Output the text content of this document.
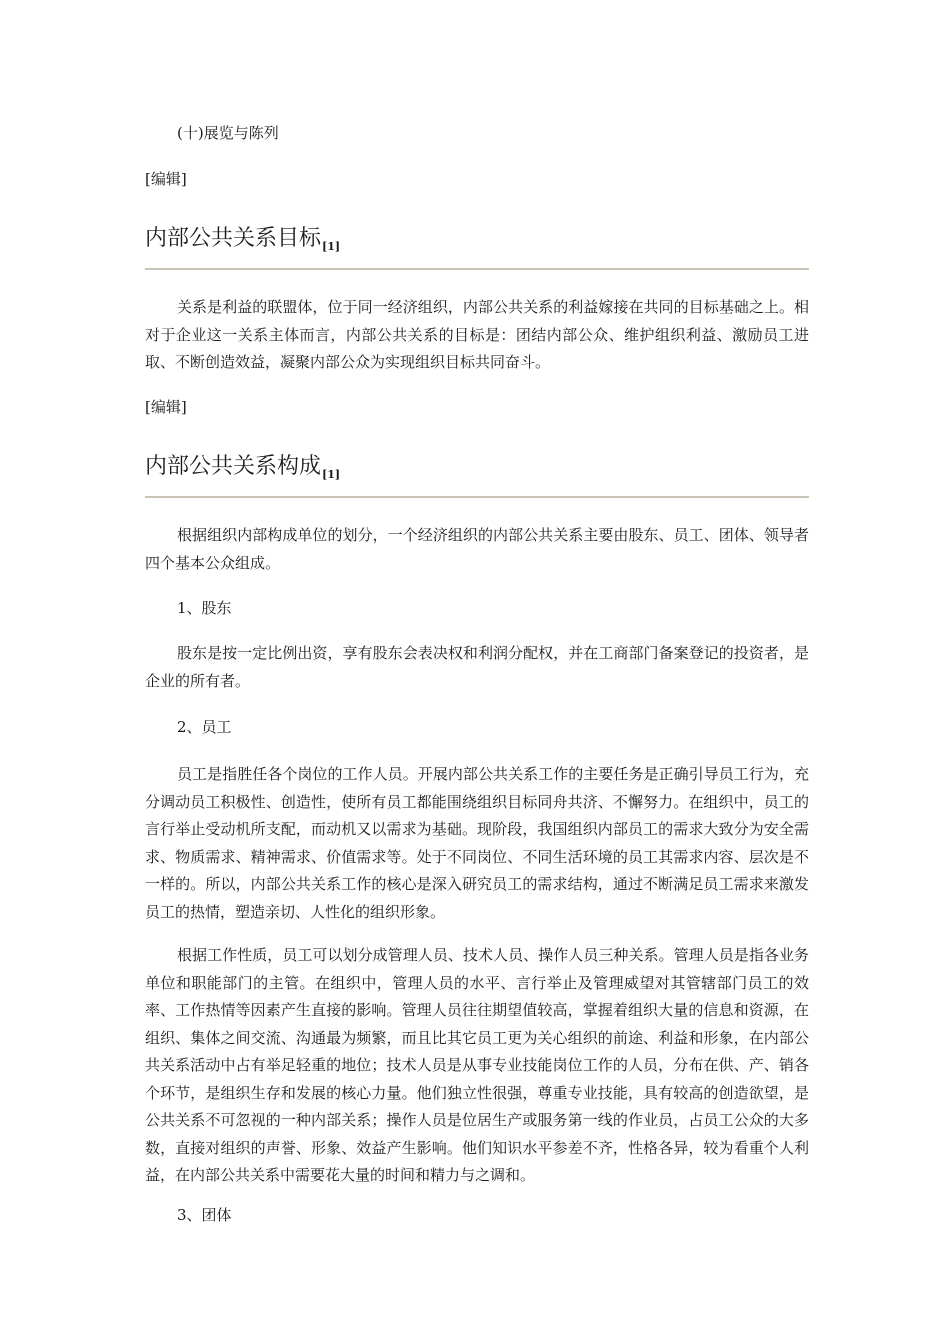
(十)展览与陈列

[编辑]
内部公共关系目标[1]

关系是利益的联盟体，位于同一经济组织，内部公共关系的利益嫁接在共同的目标基础之上。相对于企业这一关系主体而言，内部公共关系的目标是：团结内部公众、维护组织利益、激励员工进取、不断创造效益，凝聚内部公众为实现组织目标共同奋斗。

[编辑]
内部公共关系构成[1]

根据组织内部构成单位的划分，一个经济组织的内部公共关系主要由股东、员工、团体、领导者四个基本公众组成。

1、股东

股东是按一定比例出资，享有股东会表决权和利润分配权，并在工商部门备案登记的投资者，是企业的所有者。

2、员工

员工是指胜任各个岗位的工作人员。开展内部公共关系工作的主要任务是正确引导员工行为，充分调动员工积极性、创造性，使所有员工都能围绕组织目标同舟共济、不懈努力。在组织中，员工的言行举止受动机所支配，而动机又以需求为基础。现阶段，我国组织内部员工的需求大致分为安全需求、物质需求、精神需求、价值需求等。处于不同岗位、不同生活环境的员工其需求内容、层次是不一样的。所以，内部公共关系工作的核心是深入研究员工的需求结构，通过不断满足员工需求来激发员工的热情，塑造亲切、人性化的组织形象。

根据工作性质，员工可以划分成管理人员、技术人员、操作人员三种关系。管理人员是指各业务单位和职能部门的主管。在组织中，管理人员的水平、言行举止及管理威望对其管辖部门员工的效率、工作热情等因素产生直接的影响。管理人员往往期望值较高，掌握着组织大量的信息和资源，在组织、集体之间交流、沟通最为频繁，而且比其它员工更为关心组织的前途、利益和形象，在内部公共关系活动中占有举足轻重的地位；技术人员是从事专业技能岗位工作的人员，分布在供、产、销各个环节，是组织生存和发展的核心力量。他们独立性很强，尊重专业技能，具有较高的创造欲望，是公共关系不可忽视的一种内部关系；操作人员是位居生产或服务第一线的作业员，占员工公众的大多数，直接对组织的声誉、形象、效益产生影响。他们知识水平参差不齐，性格各异，较为看重个人利益，在内部公共关系中需要花大量的时间和精力与之调和。

3、团体
